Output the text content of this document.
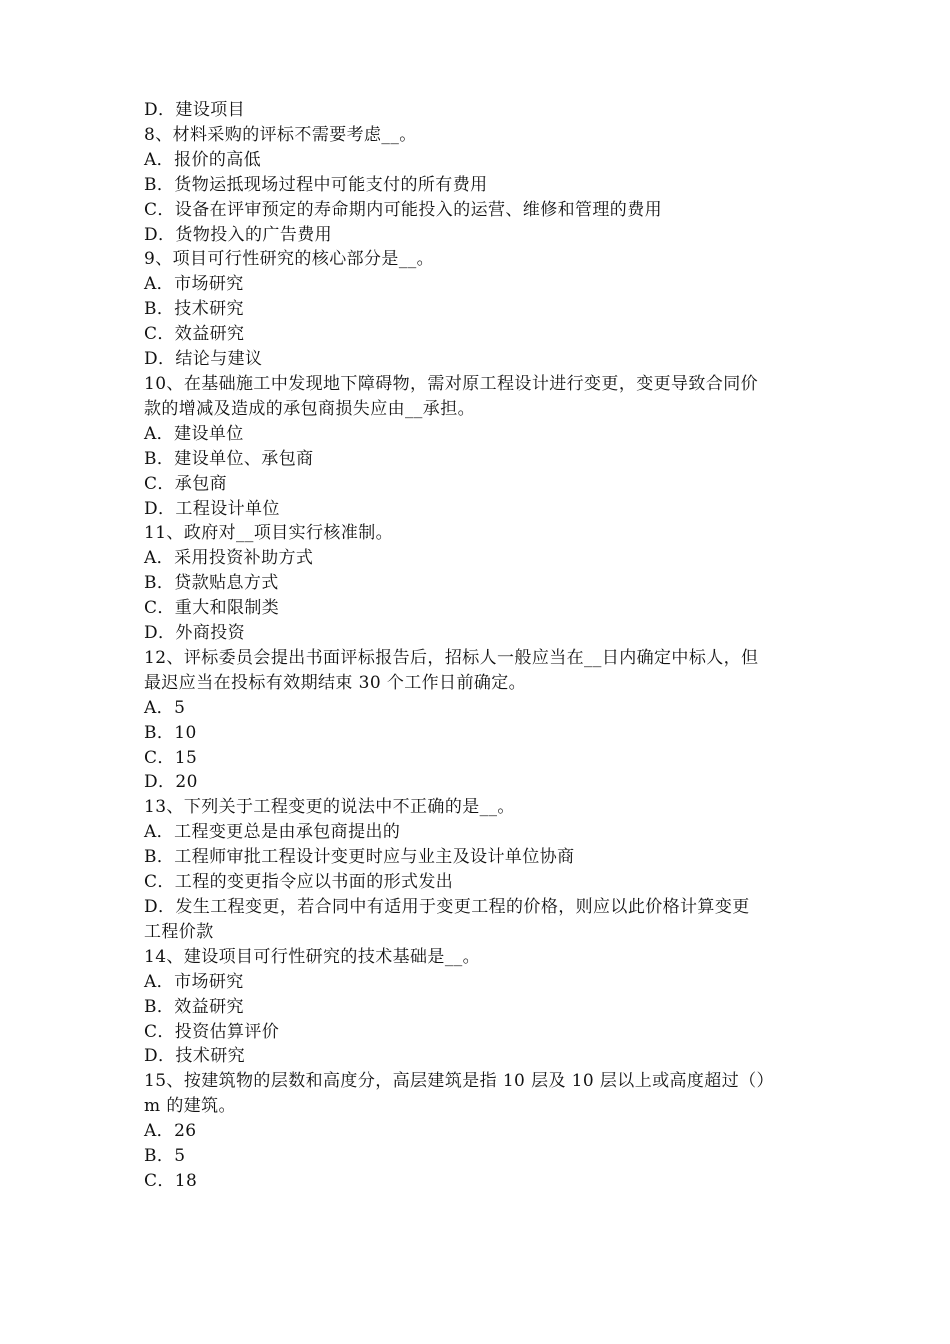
D．建设项目
8、材料采购的评标不需要考虑__。
A．报价的高低
B．货物运抵现场过程中可能支付的所有费用
C．设备在评审预定的寿命期内可能投入的运营、维修和管理的费用
D．货物投入的广告费用
9、项目可行性研究的核心部分是__。
A．市场研究
B．技术研究
C．效益研究
D．结论与建议
10、在基础施工中发现地下障碍物，需对原工程设计进行变更，变更导致合同价
款的增减及造成的承包商损失应由__承担。
A．建设单位
B．建设单位、承包商
C．承包商
D．工程设计单位
11、政府对__项目实行核准制。
A．采用投资补助方式
B．贷款贴息方式
C．重大和限制类
D．外商投资
12、评标委员会提出书面评标报告后，招标人一般应当在__日内确定中标人，但
最迟应当在投标有效期结束 30 个工作日前确定。
A．5
B．10
C．15
D．20
13、下列关于工程变更的说法中不正确的是__。
A．工程变更总是由承包商提出的
B．工程师审批工程设计变更时应与业主及设计单位协商
C．工程的变更指令应以书面的形式发出
D．发生工程变更，若合同中有适用于变更工程的价格，则应以此价格计算变更
工程价款
14、建设项目可行性研究的技术基础是__。
A．市场研究
B．效益研究
C．投资估算评价
D．技术研究
15、按建筑物的层数和高度分，高层建筑是指 10 层及 10 层以上或高度超过（）
m 的建筑。
A．26
B．5
C．18
